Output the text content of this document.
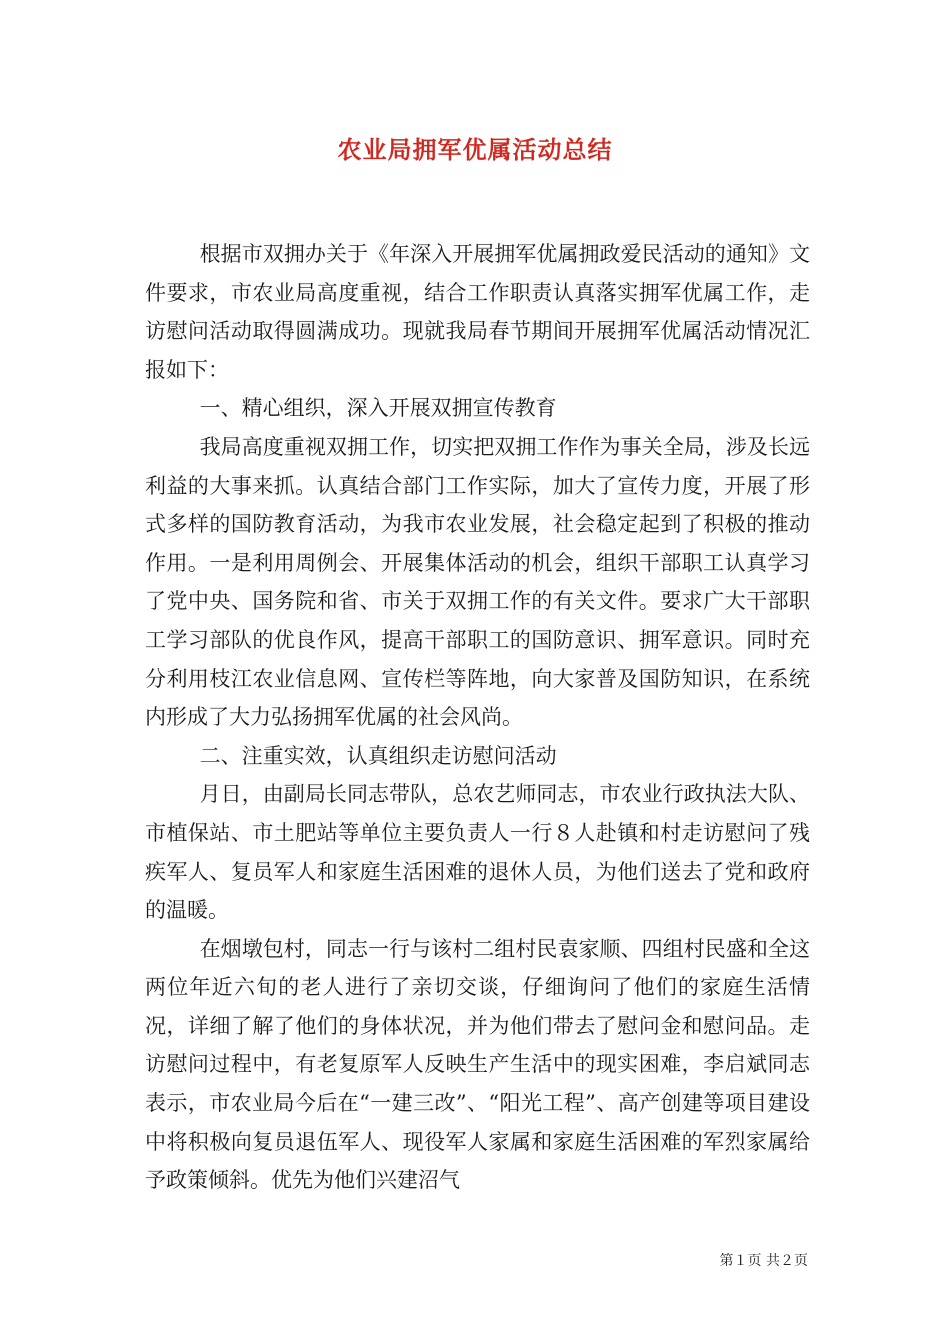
农业局拥军优属活动总结

根据市双拥办关于《年深入开展拥军优属拥政爱民活动的通知》文件要求，市农业局高度重视，结合工作职责认真落实拥军优属工作，走访慰问活动取得圆满成功。现就我局春节期间开展拥军优属活动情况汇报如下：

一、精心组织，深入开展双拥宣传教育

我局高度重视双拥工作，切实把双拥工作作为事关全局，涉及长远利益的大事来抓。认真结合部门工作实际，加大了宣传力度，开展了形式多样的国防教育活动，为我市农业发展，社会稳定起到了积极的推动作用。一是利用周例会、开展集体活动的机会，组织干部职工认真学习了党中央、国务院和省、市关于双拥工作的有关文件。要求广大干部职工学习部队的优良作风，提高干部职工的国防意识、拥军意识。同时充分利用枝江农业信息网、宣传栏等阵地，向大家普及国防知识，在系统内形成了大力弘扬拥军优属的社会风尚。

二、注重实效，认真组织走访慰问活动

月日，由副局长同志带队，总农艺师同志，市农业行政执法大队、市植保站、市土肥站等单位主要负责人一行８人赴镇和村走访慰问了残疾军人、复员军人和家庭生活困难的退休人员，为他们送去了党和政府的温暖。

在烟墩包村，同志一行与该村二组村民袁家顺、四组村民盛和全这两位年近六旬的老人进行了亲切交谈，仔细询问了他们的家庭生活情况，详细了解了他们的身体状况，并为他们带去了慰问金和慰问品。走访慰问过程中，有老复原军人反映生产生活中的现实困难，李启斌同志表示，市农业局今后在“一建三改”、“阳光工程”、高产创建等项目建设中将积极向复员退伍军人、现役军人家属和家庭生活困难的军烈家属给予政策倾斜。优先为他们兴建沼气

第１页 共２页
